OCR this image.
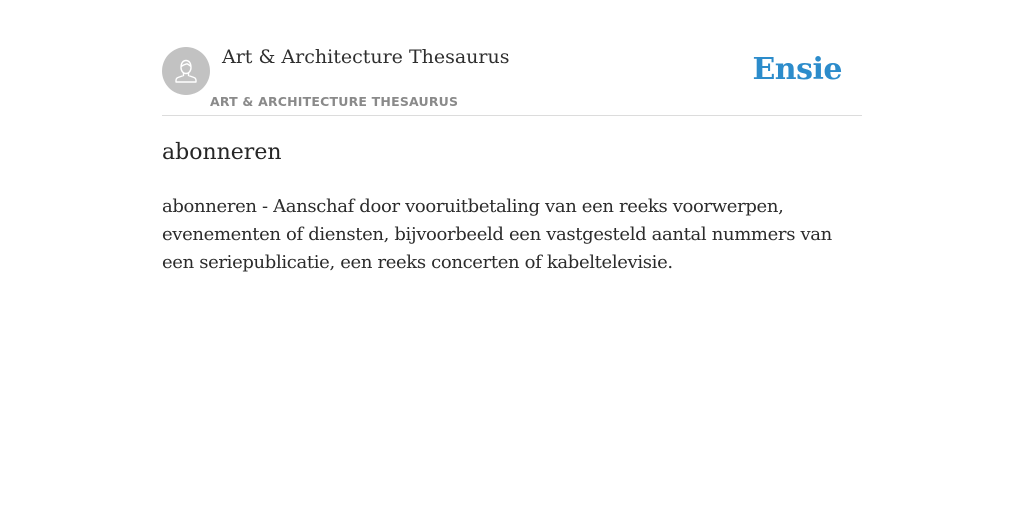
Art & Architecture Thesaurus
ART & ARCHITECTURE THESAURUS
Ensie
abonneren

abonneren - Aanschaf door vooruitbetaling van een reeks voorwerpen, evenementen of diensten, bijvoorbeeld een vastgesteld aantal nummers van een seriepublicatie, een reeks concerten of kabeltelevisie.
